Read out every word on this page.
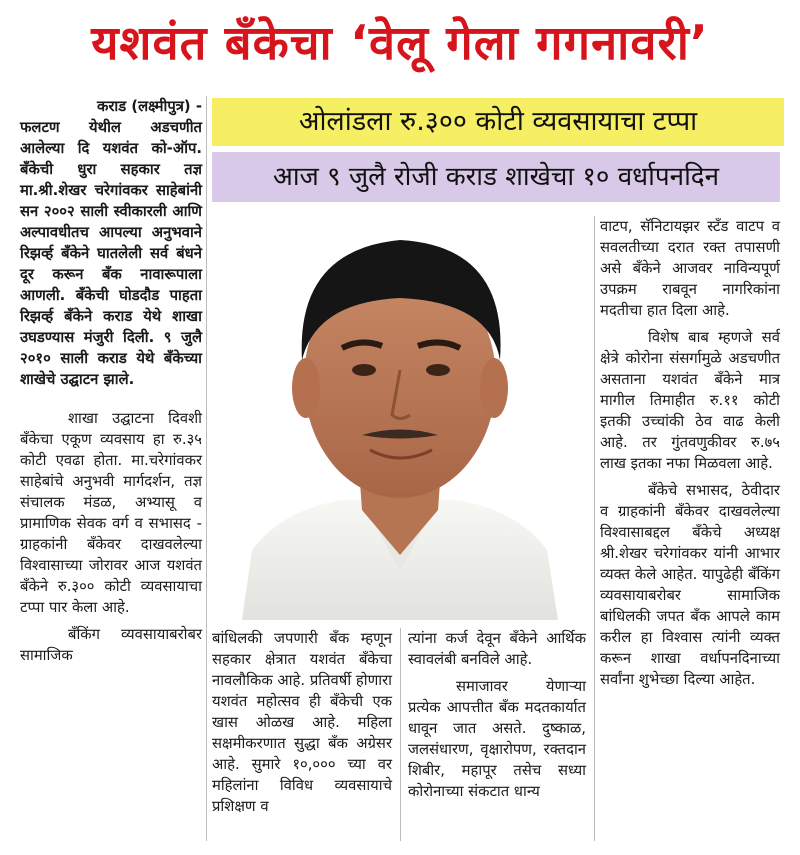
यशवंत बँकेचा ‘वेलू गेला गगनावरी’
ओलांडला रु.३०० कोटी व्यवसायाचा टप्पा
आज ९ जुलै रोजी कराड शाखेचा १० वर्धापनदिन

कराड (लक्ष्मीपुत्र) -

फलटण येथील अडचणीत आलेल्या दि यशवंत को-ऑप. बँकेची धुरा सहकार तज्ञ मा.श्री.शेखर चरेगांवकर साहेबांनी सन २००२ साली स्वीकारली आणि अल्पावधीतच आपल्या अनुभवाने रिझर्व्ह बँकेने घातलेली सर्व बंधने दूर करून बँक नावारूपाला आणली. बँकेची घोडदौड पाहता रिझर्व्ह बँकेने कराड येथे शाखा उघडण्यास मंजुरी दिली. ९ जुलै २०१० साली कराड येथे बँकेच्या शाखेचे उद्घाटन झाले.

शाखा उद्घाटना दिवशी बँकेचा एकूण व्यवसाय हा रु.३५ कोटी एवढा होता. मा.चरेगांवकर साहेबांचे अनुभवी मार्गदर्शन, तज्ञ संचालक मंडळ, अभ्यासू व प्रामाणिक सेवक वर्ग व सभासद - ग्राहकांनी बँकेवर दाखवलेल्या विश्वासाच्या जोरावर आज यशवंत बँकेने रु.३०० कोटी व्यवसायाचा टप्पा पार केला आहे.

बँकिंग व्यवसायाबरोबर सामाजिक

बांधिलकी जपणारी बँक म्हणून सहकार क्षेत्रात यशवंत बँकेचा नावलौकिक आहे. प्रतिवर्षी होणारा यशवंत महोत्सव ही बँकेची एक खास ओळख आहे. महिला सक्षमीकरणात सुद्धा बँक अग्रेसर आहे. सुमारे १०,००० च्या वर महिलांना विविध व्यवसायाचे प्रशिक्षण व

त्यांना कर्ज देवून बँकेने आर्थिक स्वावलंबी बनविले आहे.

समाजावर येणाऱ्या प्रत्येक आपत्तीत बँक मदतकार्यात धावून जात असते. दुष्काळ, जलसंधारण, वृक्षारोपण, रक्तदान शिबीर, महापूर तसेच सध्या कोरोनाच्या संकटात धान्य

वाटप, सॅनिटायझर स्टँड वाटप व सवलतीच्या दरात रक्त तपासणी असे बँकेने आजवर नाविन्यपूर्ण उपक्रम राबवून नागरिकांना मदतीचा हात दिला आहे.

विशेष बाब म्हणजे सर्व क्षेत्रे कोरोना संसर्गामुळे अडचणीत असताना यशवंत बँकेने मात्र मागील तिमाहीत रु.११ कोटी इतकी उच्चांकी ठेव वाढ केली आहे. तर गुंतवणुकीवर रु.७५ लाख इतका नफा मिळवला आहे.

बँकेचे सभासद, ठेवीदार व ग्राहकांनी बँकेवर दाखवलेल्या विश्वासाबद्दल बँकेचे अध्यक्ष श्री.शेखर चरेगांवकर यांनी आभार व्यक्त केले आहेत. यापुढेही बँकिंग व्यवसायाबरोबर सामाजिक बांधिलकी जपत बँक आपले काम करील हा विश्वास त्यांनी व्यक्त करून शाखा वर्धापनदिनाच्या सर्वांना शुभेच्छा दिल्या आहेत.
